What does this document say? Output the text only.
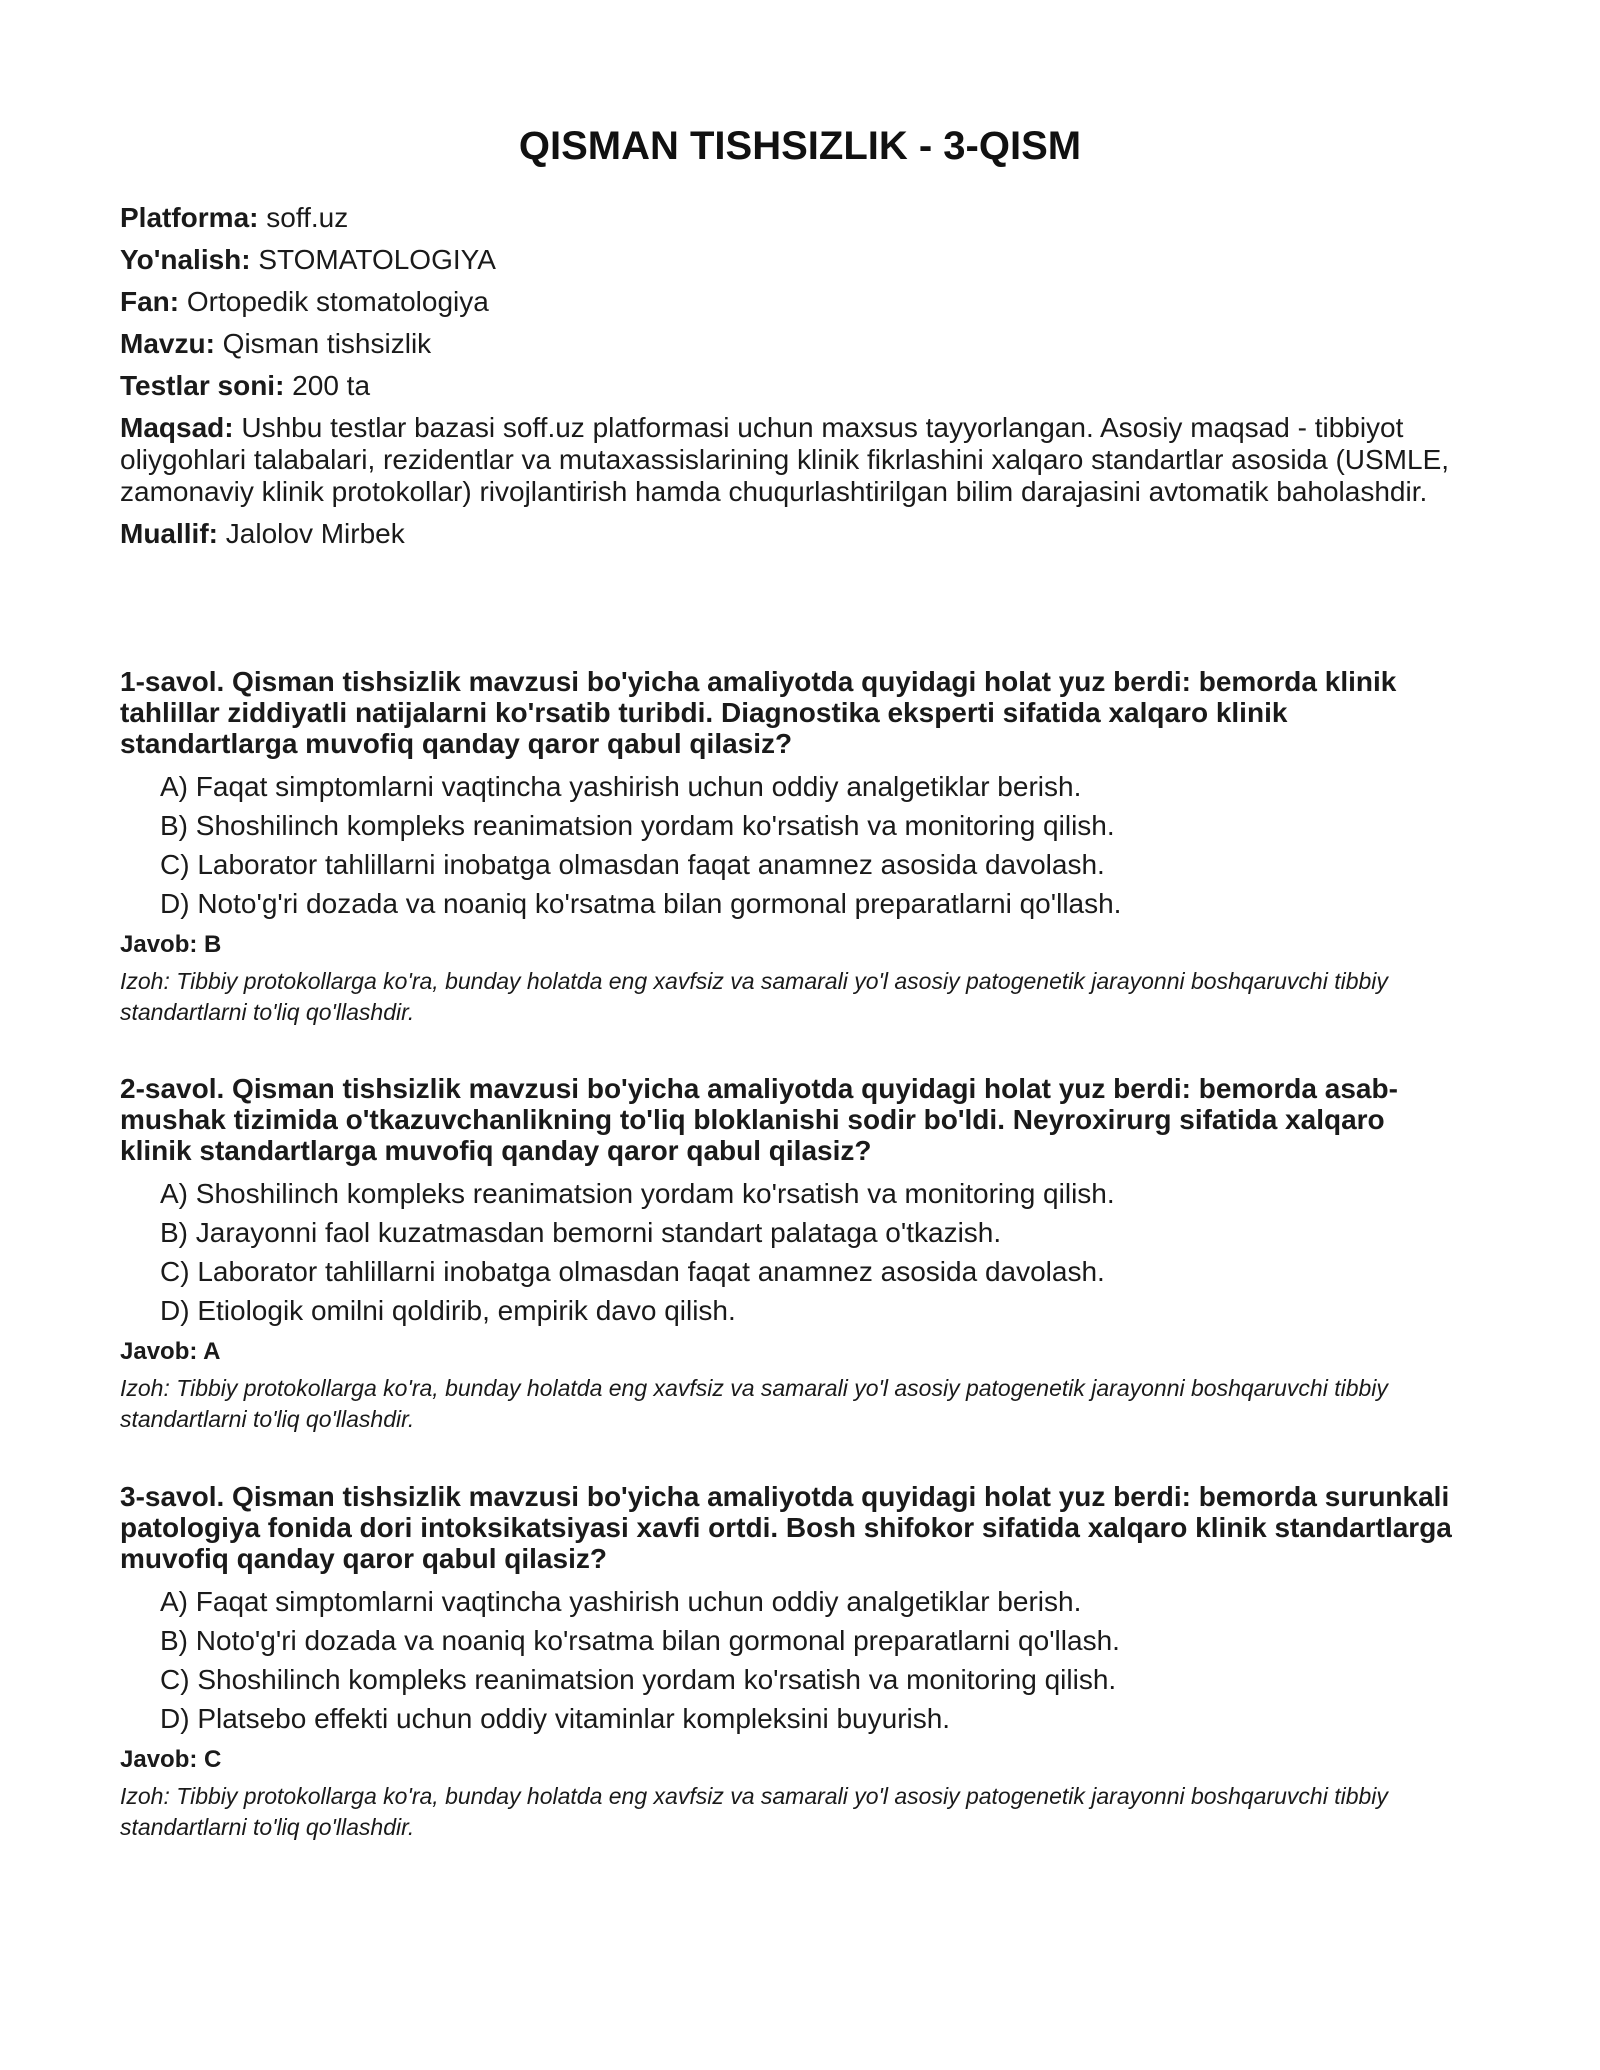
QISMAN TISHSIZLIK - 3-QISM
Platforma: soff.uz
Yo'nalish: STOMATOLOGIYA
Fan: Ortopedik stomatologiya
Mavzu: Qisman tishsizlik
Testlar soni: 200 ta
Maqsad: Ushbu testlar bazasi soff.uz platformasi uchun maxsus tayyorlangan. Asosiy maqsad - tibbiyot oliygohlari talabalari, rezidentlar va mutaxassislarining klinik fikrlashini xalqaro standartlar asosida (USMLE, zamonaviy klinik protokollar) rivojlantirish hamda chuqurlashtirilgan bilim darajasini avtomatik baholashdir.
Muallif: Jalolov Mirbek
1-savol. Qisman tishsizlik mavzusi bo'yicha amaliyotda quyidagi holat yuz berdi: bemorda klinik tahlillar ziddiyatli natijalarni ko'rsatib turibdi. Diagnostika eksperti sifatida xalqaro klinik standartlarga muvofiq qanday qaror qabul qilasiz?
A) Faqat simptomlarni vaqtincha yashirish uchun oddiy analgetiklar berish.
B) Shoshilinch kompleks reanimatsion yordam ko'rsatish va monitoring qilish.
C) Laborator tahlillarni inobatga olmasdan faqat anamnez asosida davolash.
D) Noto'g'ri dozada va noaniq ko'rsatma bilan gormonal preparatlarni qo'llash.
Javob: B
Izoh: Tibbiy protokollarga ko'ra, bunday holatda eng xavfsiz va samarali yo'l asosiy patogenetik jarayonni boshqaruvchi tibbiy standartlarni to'liq qo'llashdir.
2-savol. Qisman tishsizlik mavzusi bo'yicha amaliyotda quyidagi holat yuz berdi: bemorda asab-mushak tizimida o'tkazuvchanlikning to'liq bloklanishi sodir bo'ldi. Neyroxirurg sifatida xalqaro klinik standartlarga muvofiq qanday qaror qabul qilasiz?
A) Shoshilinch kompleks reanimatsion yordam ko'rsatish va monitoring qilish.
B) Jarayonni faol kuzatmasdan bemorni standart palataga o'tkazish.
C) Laborator tahlillarni inobatga olmasdan faqat anamnez asosida davolash.
D) Etiologik omilni qoldirib, empirik davo qilish.
Javob: A
Izoh: Tibbiy protokollarga ko'ra, bunday holatda eng xavfsiz va samarali yo'l asosiy patogenetik jarayonni boshqaruvchi tibbiy standartlarni to'liq qo'llashdir.
3-savol. Qisman tishsizlik mavzusi bo'yicha amaliyotda quyidagi holat yuz berdi: bemorda surunkali patologiya fonida dori intoksikatsiyasi xavfi ortdi. Bosh shifokor sifatida xalqaro klinik standartlarga muvofiq qanday qaror qabul qilasiz?
A) Faqat simptomlarni vaqtincha yashirish uchun oddiy analgetiklar berish.
B) Noto'g'ri dozada va noaniq ko'rsatma bilan gormonal preparatlarni qo'llash.
C) Shoshilinch kompleks reanimatsion yordam ko'rsatish va monitoring qilish.
D) Platsebo effekti uchun oddiy vitaminlar kompleksini buyurish.
Javob: C
Izoh: Tibbiy protokollarga ko'ra, bunday holatda eng xavfsiz va samarali yo'l asosiy patogenetik jarayonni boshqaruvchi tibbiy standartlarni to'liq qo'llashdir.
